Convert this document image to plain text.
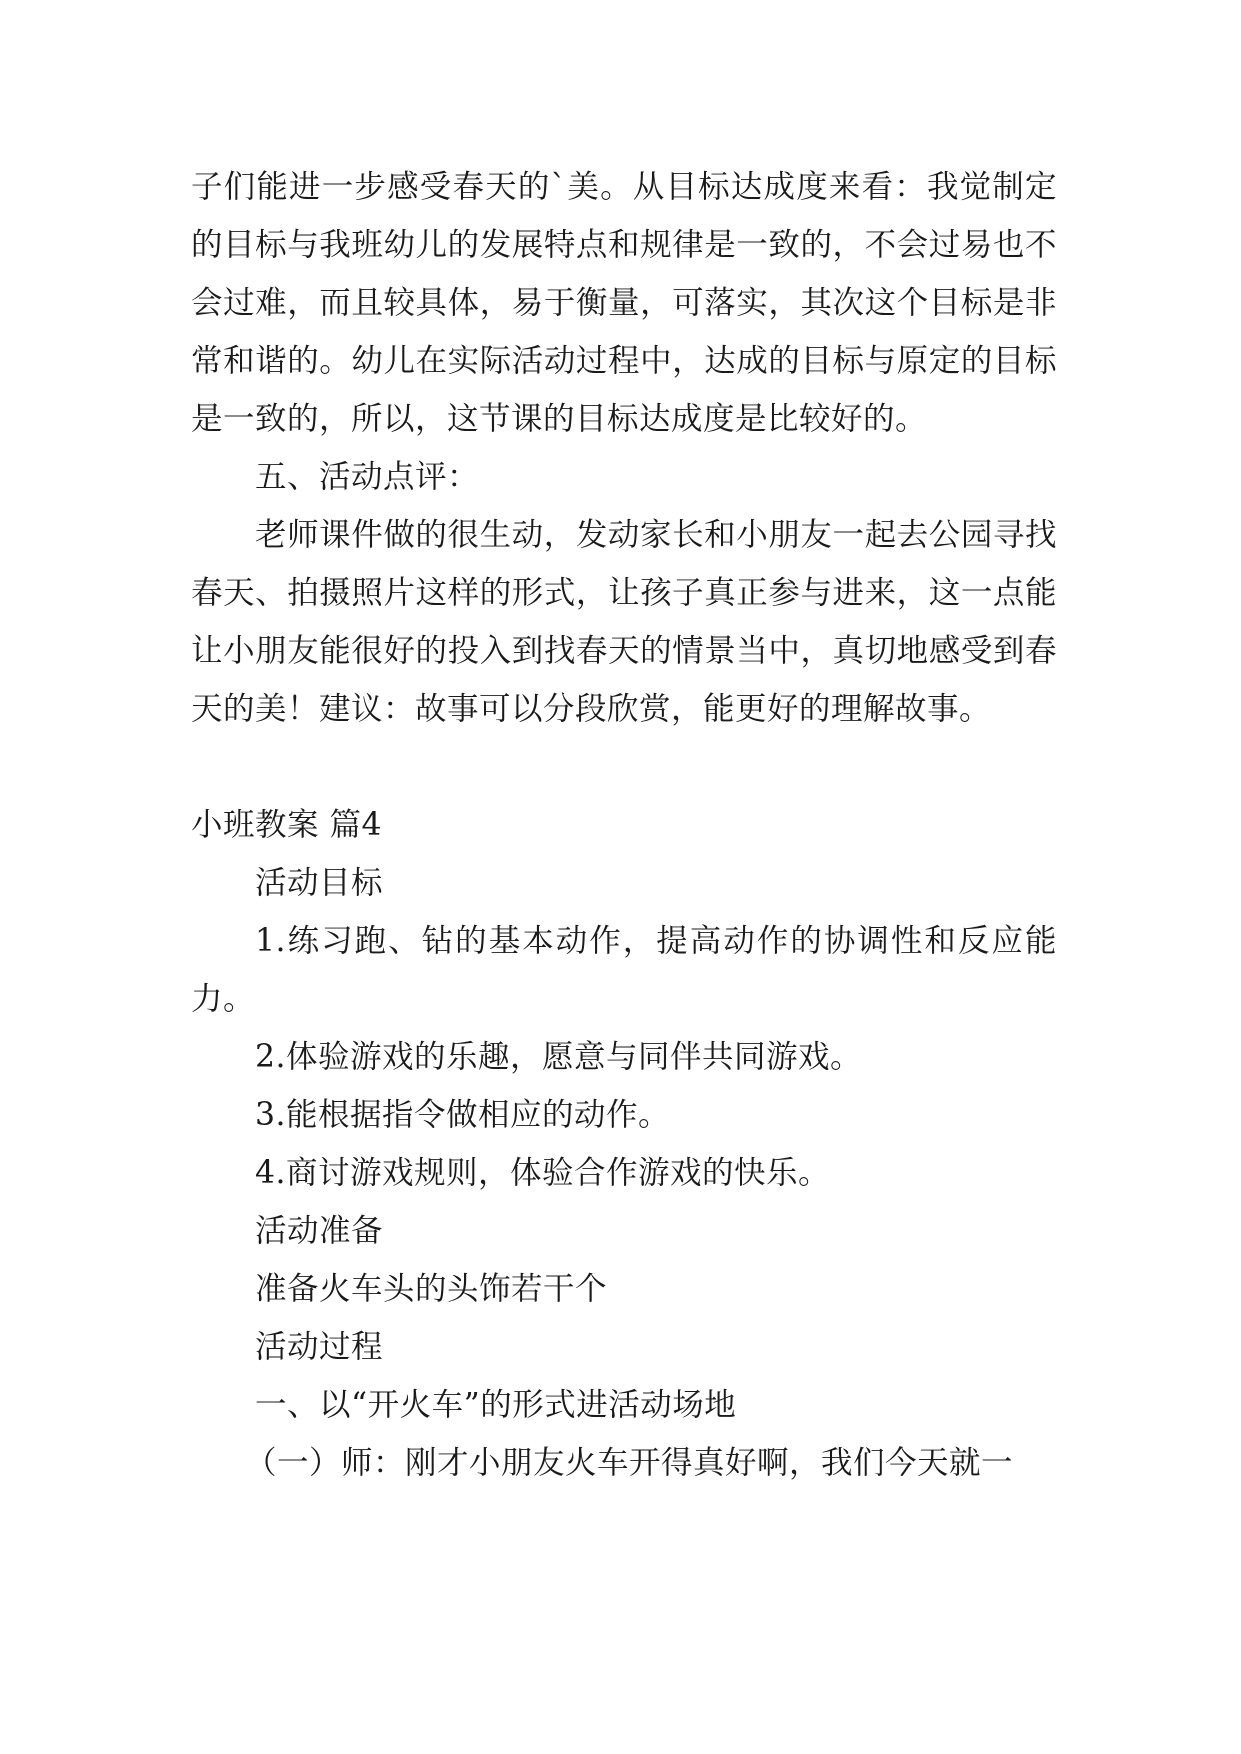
子们能进一步感受春天的`美。从目标达成度来看：我觉制定的目标与我班幼儿的发展特点和规律是一致的，不会过易也不会过难，而且较具体，易于衡量，可落实，其次这个目标是非常和谐的。幼儿在实际活动过程中，达成的目标与原定的目标是一致的，所以，这节课的目标达成度是比较好的。

五、活动点评：

老师课件做的很生动，发动家长和小朋友一起去公园寻找春天、拍摄照片这样的形式，让孩子真正参与进来，这一点能让小朋友能很好的投入到找春天的情景当中，真切地感受到春天的美！建议：故事可以分段欣赏，能更好的理解故事。

小班教案 篇4

活动目标

1.练习跑、钻的基本动作，提高动作的协调性和反应能力。

2.体验游戏的乐趣，愿意与同伴共同游戏。

3.能根据指令做相应的动作。

4.商讨游戏规则，体验合作游戏的快乐。

活动准备

准备火车头的头饰若干个

活动过程

一、以“开火车”的形式进活动场地

（一）师：刚才小朋友火车开得真好啊，我们今天就一
